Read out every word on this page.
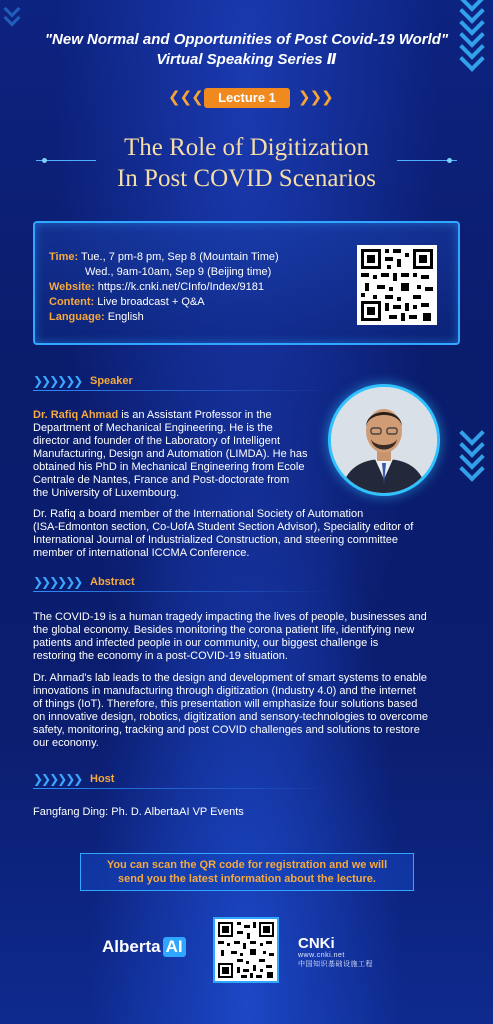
"New Normal and Opportunities of Post Covid-19 World"
Virtual Speaking Series Ⅱ
❮❮❮	Lecture 1	❯❯❯
The Role of Digitization
In Post COVID Scenarios
Time: Tue., 7 pm-8 pm, Sep 8 (Mountain Time)
Wed., 9am-10am, Sep 9 (Beijing time)
Website: https://k.cnki.net/CInfo/Index/9181
Content: Live broadcast + Q&A
Language: English
❯❯❯❯❯❯ Speaker
Dr. Rafiq Ahmad is an Assistant Professor in the
Department of Mechanical Engineering. He is the
director and founder of the Laboratory of Intelligent
Manufacturing, Design and Automation (LIMDA). He has
obtained his PhD in Mechanical Engineering from Ecole
Centrale de Nantes, France and Post-doctorate from
the University of Luxembourg.
Dr. Rafiq a board member of the International Society of Automation
(ISA-Edmonton section, Co-UofA Student Section Advisor), Speciality editor of
International Journal of Industrialized Construction, and steering committee
member of international ICCMA Conference.
❯❯❯❯❯❯ Abstract
The COVID-19 is a human tragedy impacting the lives of people, businesses and
the global economy. Besides monitoring the corona patient life, identifying new
patients and infected people in our community, our biggest challenge is
restoring the economy in a post-COVID-19 situation.
Dr. Ahmad's lab leads to the design and development of smart systems to enable
innovations in manufacturing through digitization (Industry 4.0) and the internet
of things (IoT). Therefore, this presentation will emphasize four solutions based
on innovative design, robotics, digitization and sensory-technologies to overcome
safety, monitoring, tracking and post COVID challenges and solutions to restore
our economy.
❯❯❯❯❯❯ Host
Fangfang Ding: Ph. D. AlbertaAI VP Events
You can scan the QR code for registration and we will
send you the latest information about the lecture.
Alberta AI	CNKi
www.cnki.net
中国知识基础设施工程
